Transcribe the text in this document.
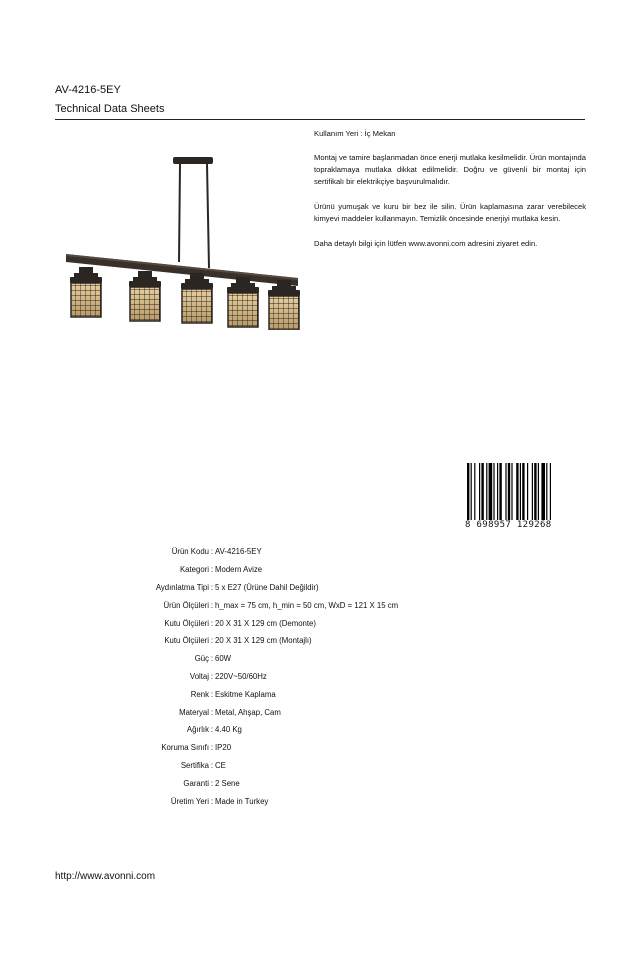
AV-4216-5EY
Technical Data Sheets

Kullanım Yeri : İç Mekan

Montaj ve tamire başlanmadan önce enerji mutlaka kesilmelidir. Ürün montajında topraklamaya mutlaka dikkat edilmelidir. Doğru ve güvenli bir montaj için sertifikalı bir elektrikçiye başvurulmalıdır.

Ürünü yumuşak ve kuru bir bez ile silin. Ürün kaplamasına zarar verebilecek kimyevi maddeler kullanmayın. Temizlik öncesinde enerjiyi mutlaka kesin.

Daha detaylı bilgi için lütfen www.avonni.com adresini ziyaret edin.

8 698957 129268
Ürün Kodu : AV-4216-5EY
Kategori : Modern Avize
Aydınlatma Tipi : 5 x E27 (Ürüne Dahil Değildir)
Ürün Ölçüleri : h_max = 75 cm, h_min = 50 cm, WxD = 121 X 15 cm
Kutu Ölçüleri : 20 X 31 X 129 cm (Demonte)
Kutu Ölçüleri : 20 X 31 X 129 cm (Montajlı)
Güç : 60W
Voltaj : 220V~50/60Hz
Renk : Eskitme Kaplama
Materyal : Metal, Ahşap, Cam
Ağırlık : 4.40 Kg
Koruma Sınıfı : IP20
Sertifika : CE
Garanti : 2 Sene
Üretim Yeri : Made in Turkey
http://www.avonni.com
